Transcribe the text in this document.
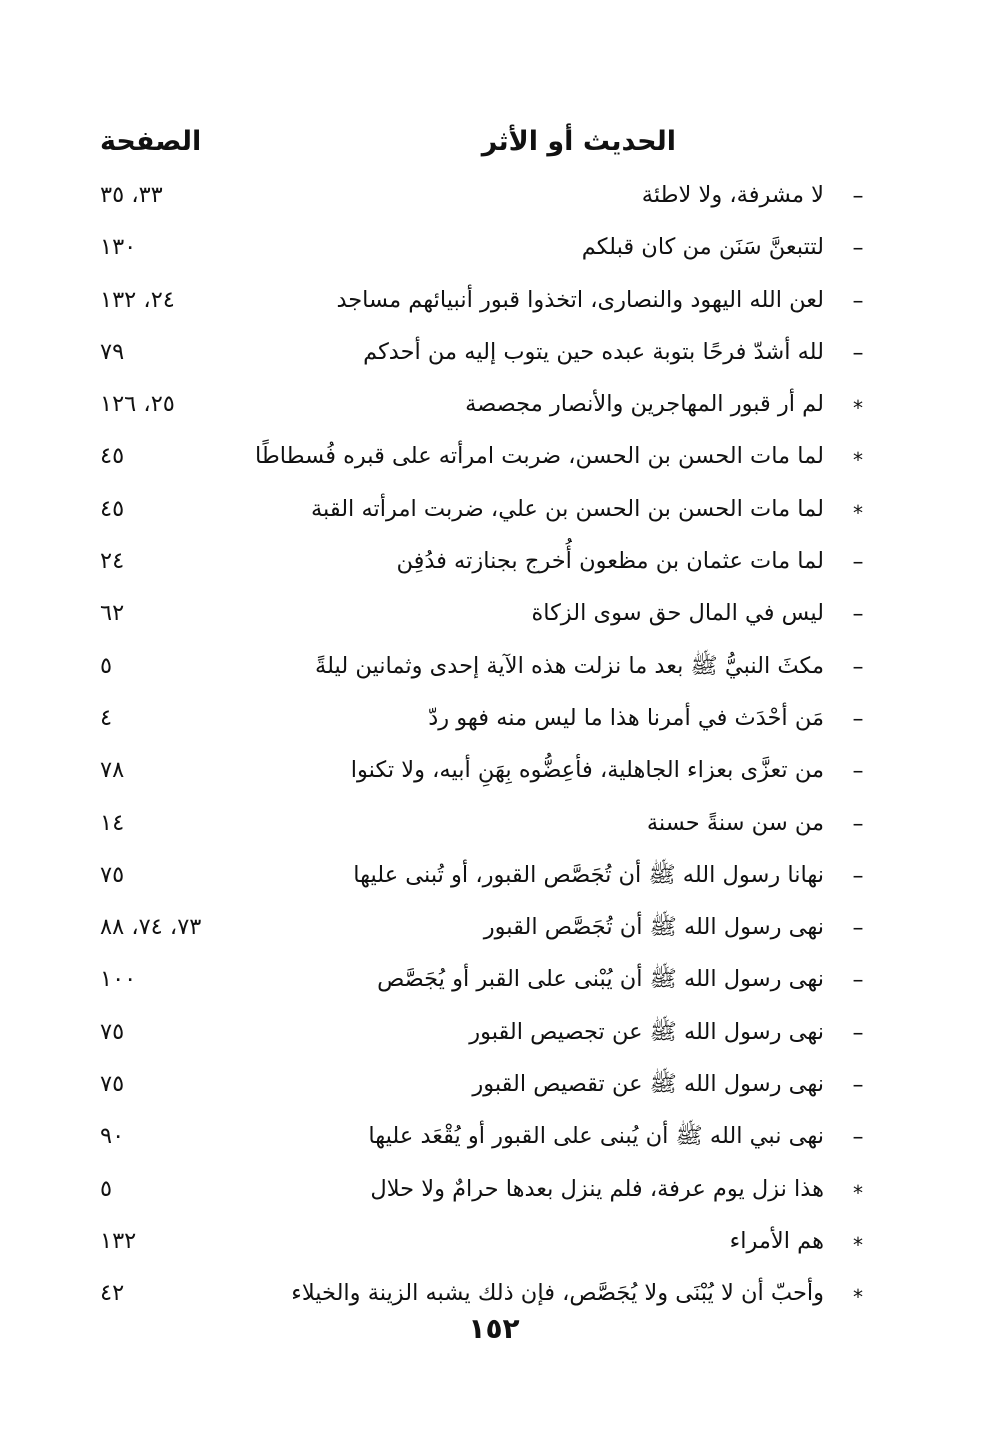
الحديث أو الأثر
الصفحة
–
لا مشرفة، ولا لاطئة
٣٣، ٣٥
–
لتتبعنَّ سَنَن من كان قبلكم
١٣٠
–
لعن الله اليهود والنصارى، اتخذوا قبور أنبيائهم مساجد
٢٤، ١٣٢
–
لله أشدّ فرحًا بتوبة عبده حين يتوب إليه من أحدكم
٧٩
*
لم أر قبور المهاجرين والأنصار مجصصة
٢٥، ١٢٦
*
لما مات الحسن بن الحسن، ضربت امرأته على قبره فُسطاطًا
٤٥
*
لما مات الحسن بن الحسن بن علي، ضربت امرأته القبة
٤٥
–
لما مات عثمان بن مظعون أُخرج بجنازته فدُفِن
٢٤
–
ليس في المال حق سوى الزكاة
٦٢
–
مكثَ النبيُّ ﷺ بعد ما نزلت هذه الآية إحدى وثمانين ليلةً
٥
–
مَن أحْدَث في أمرنا هذا ما ليس منه فهو ردّ
٤
–
من تعزَّى بعزاء الجاهلية، فأعِضُّوه بِهَنِ أبيه، ولا تكنوا
٧٨
–
من سن سنةً حسنة
١٤
–
نهانا رسول الله ﷺ أن تُجَصَّص القبور، أو تُبنى عليها
٧٥
–
نهى رسول الله ﷺ أن تُجَصَّص القبور
٧٣، ٧٤، ٨٨
–
نهى رسول الله ﷺ أن يُبْنى على القبر أو يُجَصَّص
١٠٠
–
نهى رسول الله ﷺ عن تجصيص القبور
٧٥
–
نهى رسول الله ﷺ عن تقصيص القبور
٧٥
–
نهى نبي الله ﷺ أن يُبنى على القبور أو يُقْعَد عليها
٩٠
*
هذا نزل يوم عرفة، فلم ينزل بعدها حرامٌ ولا حلال
٥
*
هم الأمراء
١٣٢
*
وأحبّ أن لا يُبْنَى ولا يُجَصَّص، فإن ذلك يشبه الزينة والخيلاء
٤٢
١٥٢
